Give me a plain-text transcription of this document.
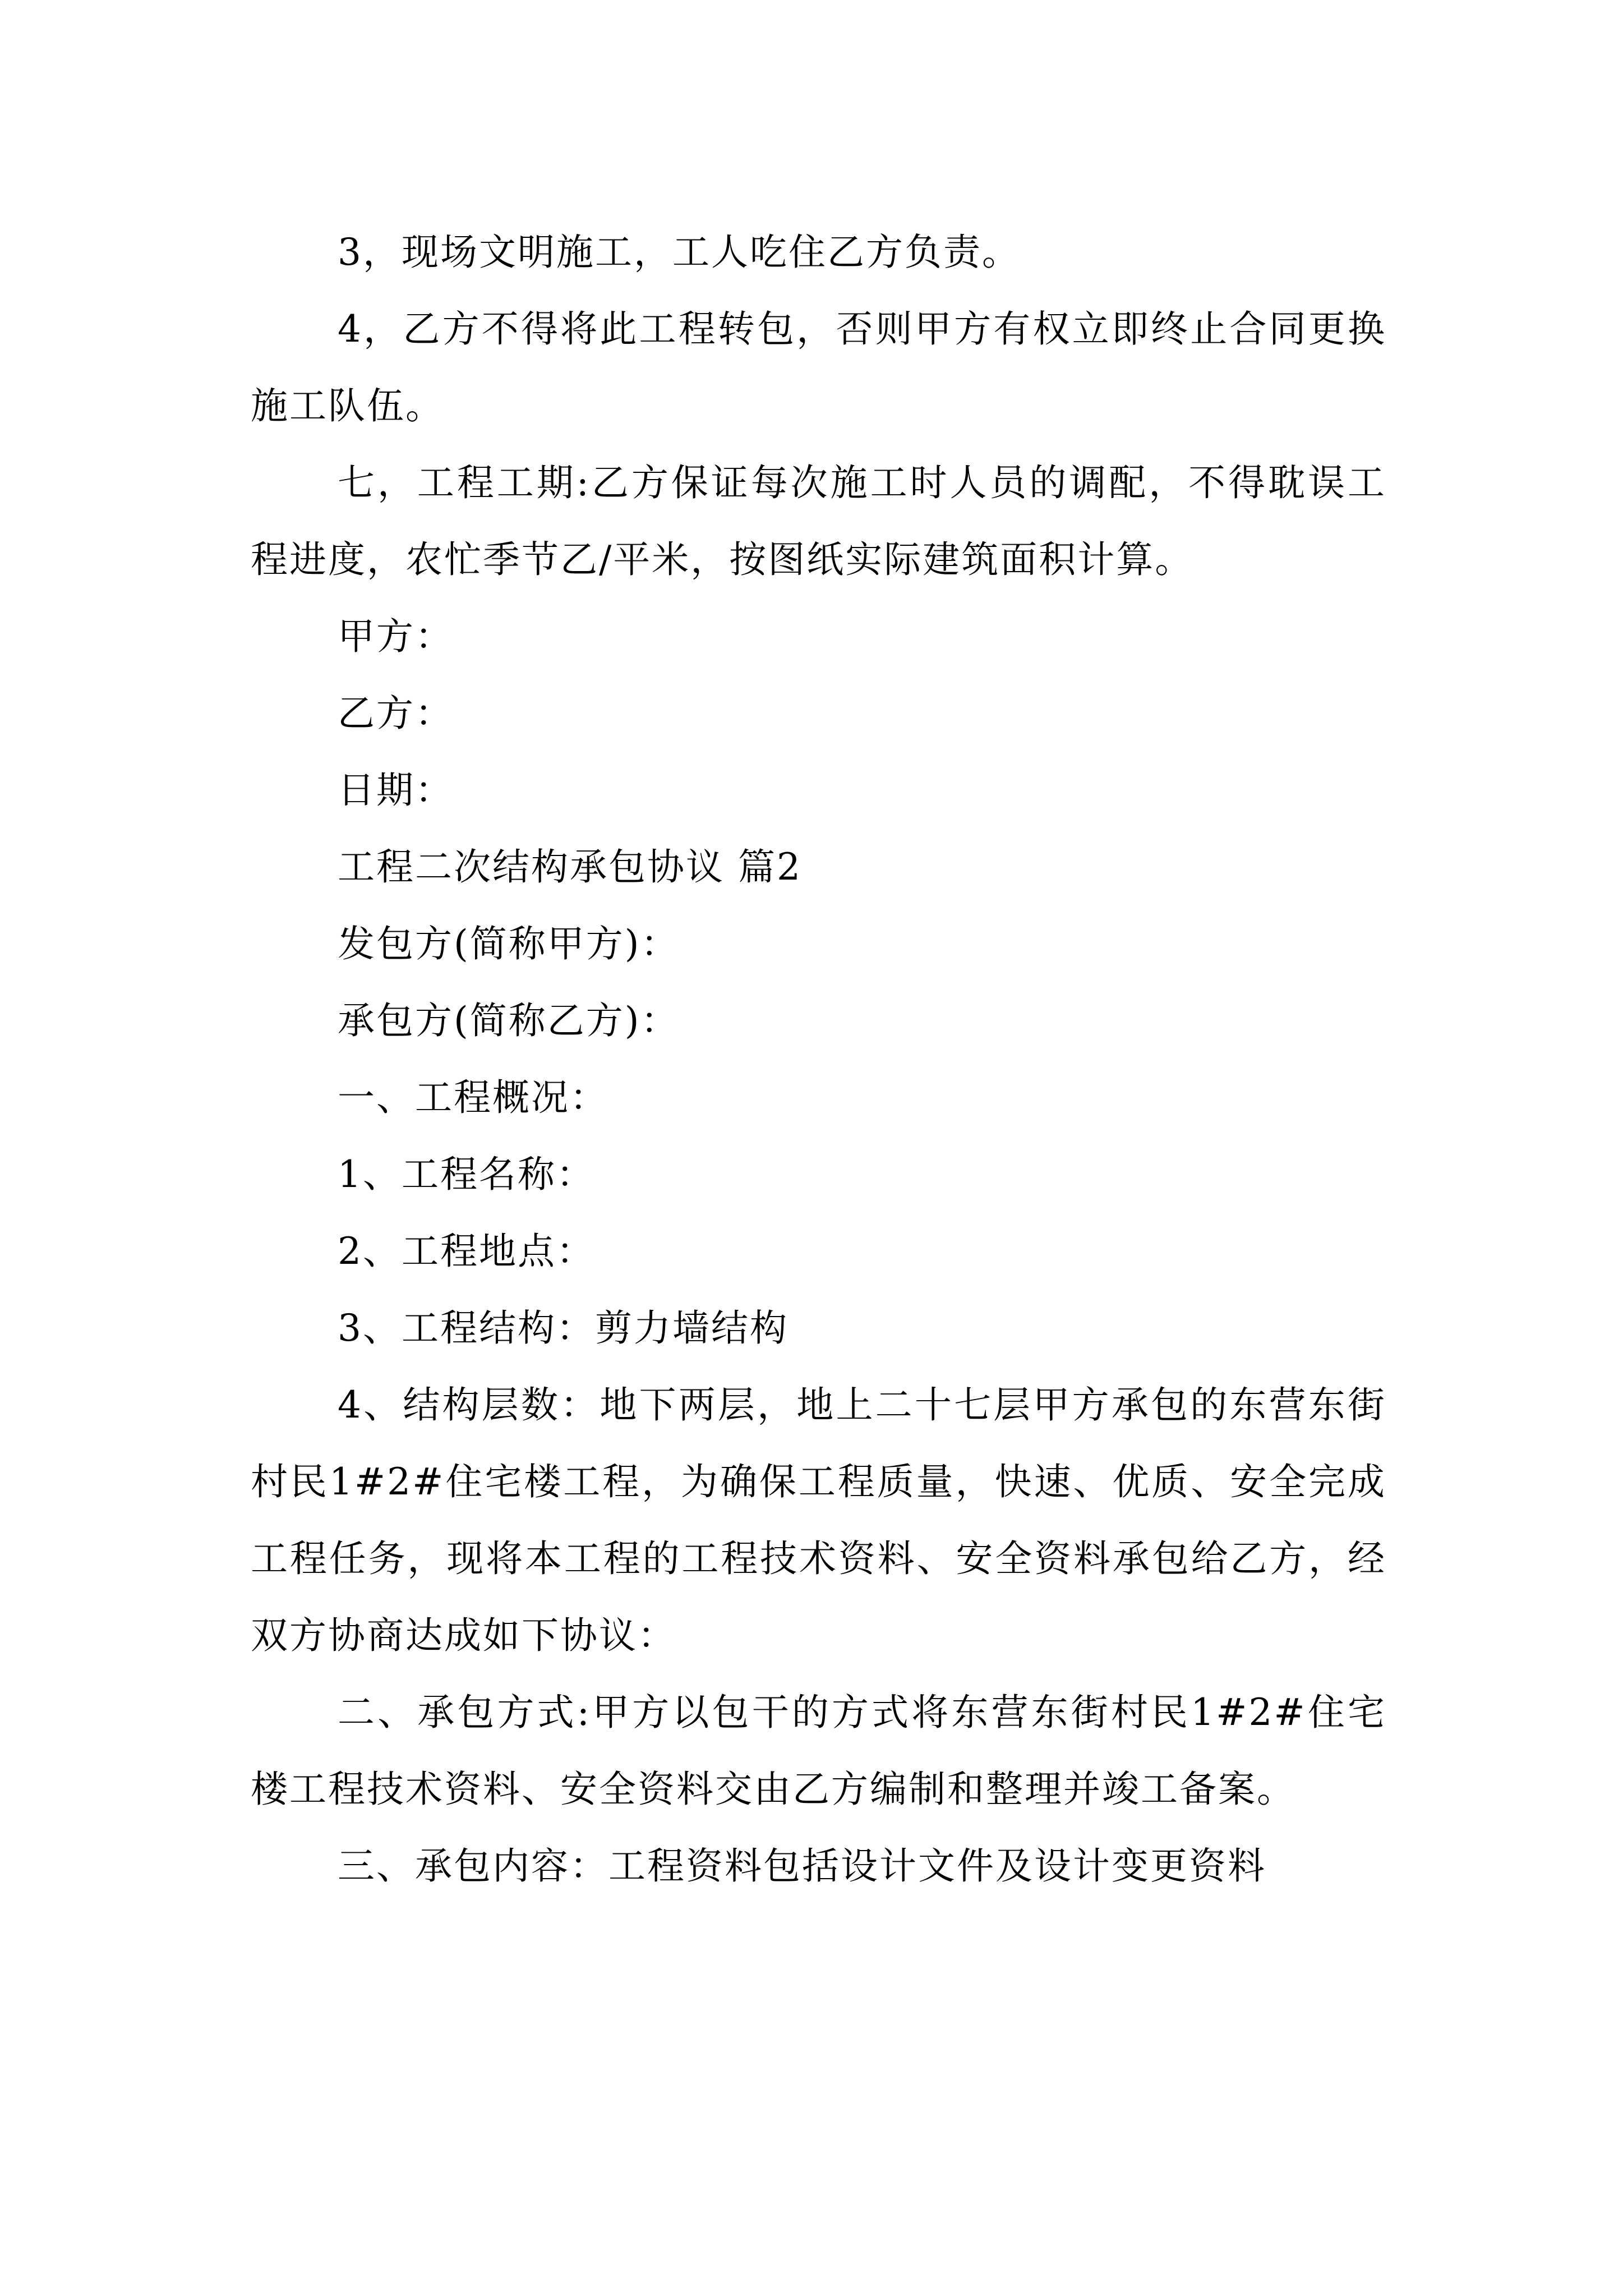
3，现场文明施工，工人吃住乙方负责。

4，乙方不得将此工程转包，否则甲方有权立即终止合同更换施工队伍。

七，工程工期:乙方保证每次施工时人员的调配，不得耽误工程进度，农忙季节乙/平米，按图纸实际建筑面积计算。

甲方：

乙方：

日期：

工程二次结构承包协议 篇2

发包方(简称甲方)：

承包方(简称乙方)：

一、工程概况：

1、工程名称：

2、工程地点：

3、工程结构：剪力墙结构

4、结构层数：地下两层，地上二十七层甲方承包的东营东街村民1#2#住宅楼工程，为确保工程质量，快速、优质、安全完成工程任务，现将本工程的工程技术资料、安全资料承包给乙方，经双方协商达成如下协议：

二、承包方式:甲方以包干的方式将东营东街村民1#2#住宅楼工程技术资料、安全资料交由乙方编制和整理并竣工备案。

三、承包内容：工程资料包括设计文件及设计变更资料
